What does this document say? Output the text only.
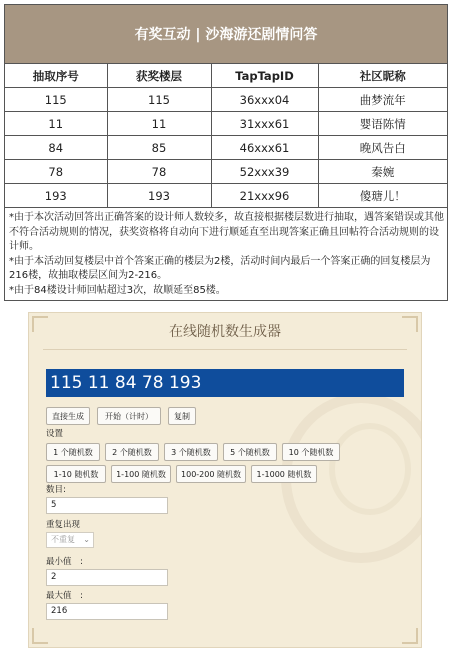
有奖互动 | 沙海游还剧情问答
抽取序号	获奖楼层	TapTapID	社区昵称
115	115	36xxx04	曲梦流年
11	11	31xxx61	婴语陈情
84	85	46xxx61	晚风告白
78	78	52xxx39	秦婉
193	193	21xxx96	傻瑭儿！

*由于本次活动回答出正确答案的设计师人数较多，故直接根据楼层数进行抽取，遇答案错误或其他不符合活动规则的情况，获奖资格将自动向下进行顺延直至出现答案正确且回帖符合活动规则的设计师。

*由于本活动回复楼层中首个答案正确的楼层为2楼，活动时间内最后一个答案正确的回复楼层为216楼，故抽取楼层区间为2-216。

*由于84楼设计师回帖超过3次，故顺延至85楼。

在线随机数生成器
115 11 84 78 193
直接生成	开始（计时）	复制
设置
1 个随机数	2 个随机数	3 个随机数	5 个随机数	10 个随机数
1-10 随机数	1-100 随机数	100-200 随机数	1-1000 随机数
数目:
5
重复出现
不重复 ⌄
最小值　:
2
最大值　:
216
